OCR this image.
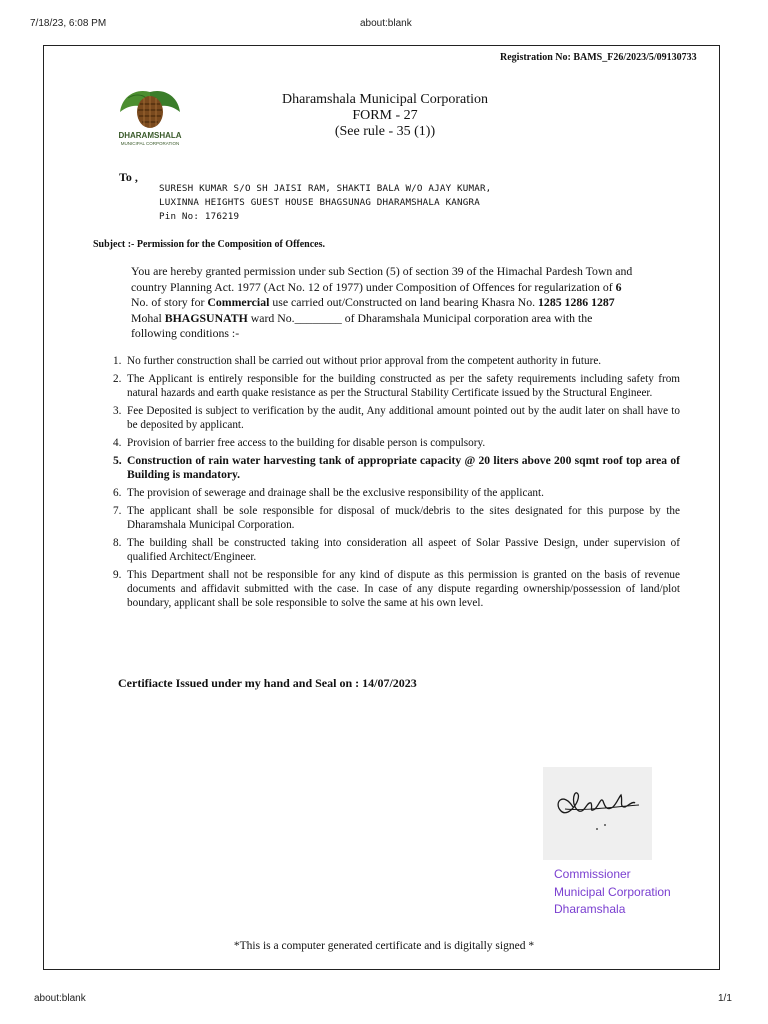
7/18/23, 6:08 PM	about:blank
Registration No: BAMS_F26/2023/5/09130733
DHARAMSHALA
MUNICIPAL CORPORATION
Dharamshala Municipal Corporation
FORM - 27
(See rule - 35 (1))
To ,
SURESH KUMAR S/O SH JAISI RAM, SHAKTI BALA W/O AJAY KUMAR,
LUXINNA HEIGHTS GUEST HOUSE BHAGSUNAG DHARAMSHALA KANGRA
Pin No: 176219
Subject :- Permission for the Composition of Offences.
You are hereby granted permission under sub Section (5) of section 39 of the Himachal Pardesh Town and country Planning Act. 1977 (Act No. 12 of 1977) under Composition of Offences for regularization of 6 No. of story for Commercial use carried out/Constructed on land bearing Khasra No. 1285 1286 1287 Mohal BHAGSUNATH ward No.________ of Dharamshala Municipal corporation area with the following conditions :-
1. No further construction shall be carried out without prior approval from the competent authority in future.
2. The Applicant is entirely responsible for the building constructed as per the safety requirements including safety from natural hazards and earth quake resistance as per the Structural Stability Certificate issued by the Structural Engineer.
3. Fee Deposited is subject to verification by the audit, Any additional amount pointed out by the audit later on shall have to be deposited by applicant.
4. Provision of barrier free access to the building for disable person is compulsory.
5. Construction of rain water harvesting tank of appropriate capacity @ 20 liters above 200 sqmt roof top area of Building is mandatory.
6. The provision of sewerage and drainage shall be the exclusive responsibility of the applicant.
7. The applicant shall be sole responsible for disposal of muck/debris to the sites designated for this purpose by the Dharamshala Municipal Corporation.
8. The building shall be constructed taking into consideration all aspeet of Solar Passive Design, under supervision of qualified Architect/Engineer.
9. This Department shall not be responsible for any kind of dispute as this permission is granted on the basis of revenue documents and affidavit submitted with the case. In case of any dispute regarding ownership/possession of land/plot boundary, applicant shall be sole responsible to solve the same at his own level.
Certifiacte Issued under my hand and Seal on : 14/07/2023
Commissioner
Municipal Corporation
Dharamshala
*This is a computer generated certificate and is digitally signed *
about:blank	1/1
